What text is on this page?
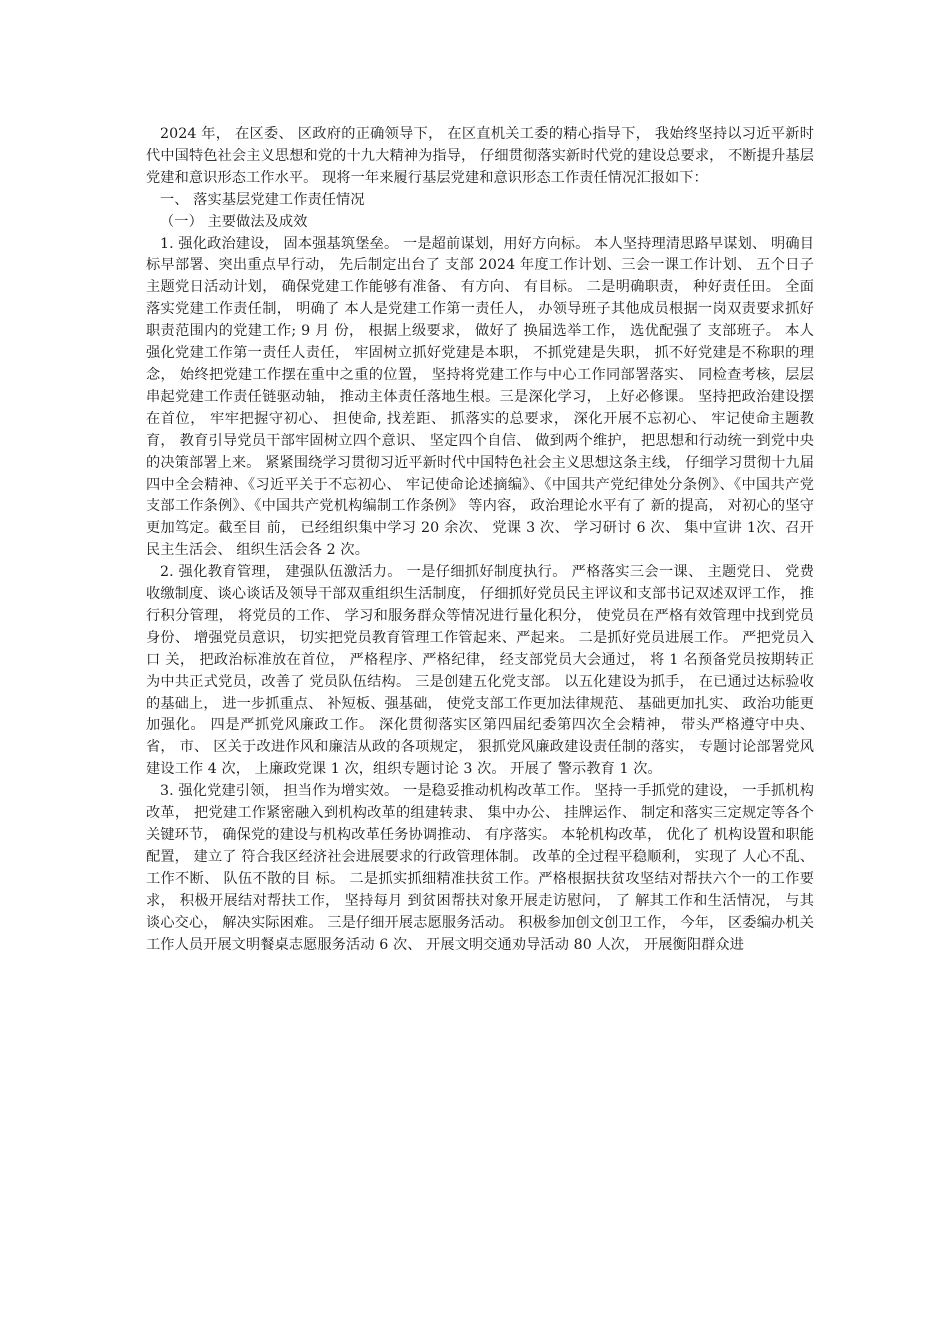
2024 年， 在区委、 区政府的正确领导下， 在区直机关工委的精心指导下， 我始终坚持以习近平新时代中国特色社会主义思想和党的十九大精神为指导， 仔细贯彻落实新时代党的建设总要求， 不断提升基层党建和意识形态工作水平。 现将一年来履行基层党建和意识形态工作责任情况汇报如下：

一、 落实基层党建工作责任情况

（一） 主要做法及成效

1. 强化政治建设， 固本强基筑堡垒。 一是超前谋划，用好方向标。 本人坚持理清思路早谋划、 明确目 标早部署、突出重点早行动， 先后制定出台了 支部 2024 年度工作计划、三会一课工作计划、 五个日子主题党日活动计划， 确保党建工作能够有准备、 有方向、 有目标。 二是明确职责， 种好责任田。 全面落实党建工作责任制， 明确了 本人是党建工作第一责任人， 办领导班子其他成员根据一岗双责要求抓好职责范围内的党建工作; 9 月 份， 根据上级要求， 做好了 换届选举工作， 选优配强了 支部班子。 本人强化党建工作第一责任人责任， 牢固树立抓好党建是本职， 不抓党建是失职， 抓不好党建是不称职的理念， 始终把党建工作摆在重中之重的位置， 坚持将党建工作与中心工作同部署落实、 同检查考核，层层串起党建工作责任链驱动轴， 推动主体责任落地生根。三是深化学习， 上好必修课。 坚持把政治建设摆在首位， 牢牢把握守初心、 担使命, 找差距、 抓落实的总要求， 深化开展不忘初心、 牢记使命主题教育， 教育引导党员干部牢固树立四个意识、 坚定四个自信、 做到两个维护， 把思想和行动统一到党中央的决策部署上来。 紧紧围绕学习贯彻习近平新时代中国特色社会主义思想这条主线， 仔细学习贯彻十九届四中全会精神、《习近平关于不忘初心、 牢记使命论述摘编》、《中国共产党纪律处分条例》、《中国共产党支部工作条例》、《中国共产党机构编制工作条例》 等内容， 政治理论水平有了 新的提高， 对初心的坚守更加笃定。截至目 前， 已经组织集中学习 20 余次、 党课 3 次、 学习研讨 6 次、 集中宣讲 1次、召开民主生活会、 组织生活会各 2 次。

2. 强化教育管理， 建强队伍激活力。 一是仔细抓好制度执行。 严格落实三会一课、 主题党日、 党费收缴制度、谈心谈话及领导干部双重组织生活制度， 仔细抓好党员民主评议和支部书记双述双评工作， 推行积分管理， 将党员的工作、 学习和服务群众等情况进行量化积分， 使党员在严格有效管理中找到党员身份、 增强党员意识， 切实把党员教育管理工作管起来、严起来。 二是抓好党员进展工作。 严把党员入口 关， 把政治标准放在首位， 严格程序、严格纪律， 经支部党员大会通过， 将 1 名预备党员按期转正为中共正式党员，改善了 党员队伍结构。 三是创建五化党支部。 以五化建设为抓手， 在已通过达标验收的基础上， 进一步抓重点、 补短板、强基础， 使党支部工作更加法律规范、 基础更加扎实、 政治功能更加强化。 四是严抓党风廉政工作。 深化贯彻落实区第四届纪委第四次全会精神， 带头严格遵守中央、 省， 市、 区关于改进作风和廉洁从政的各项规定， 狠抓党风廉政建设责任制的落实， 专题讨论部署党风建设工作 4 次， 上廉政党课 1 次，组织专题讨论 3 次。 开展了 警示教育 1 次。

3. 强化党建引领， 担当作为增实效。 一是稳妥推动机构改革工作。 坚持一手抓党的建设， 一手抓机构改革， 把党建工作紧密融入到机构改革的组建转隶、 集中办公、 挂牌运作、 制定和落实三定规定等各个关键环节， 确保党的建设与机构改革任务协调推动、 有序落实。 本轮机构改革， 优化了 机构设置和职能配置， 建立了 符合我区经济社会进展要求的行政管理体制。 改革的全过程平稳顺利， 实现了 人心不乱、工作不断、 队伍不散的目 标。 二是抓实抓细精准扶贫工作。严格根据扶贫攻坚结对帮扶六个一的工作要求， 积极开展结对帮扶工作， 坚持每月 到贫困帮扶对象开展走访慰问， 了 解其工作和生活情况， 与其谈心交心， 解决实际困难。 三是仔细开展志愿服务活动。 积极参加创文创卫工作， 今年， 区委编办机关工作人员开展文明餐桌志愿服务活动 6 次、 开展文明交通劝导活动 80 人次， 开展衡阳群众进
